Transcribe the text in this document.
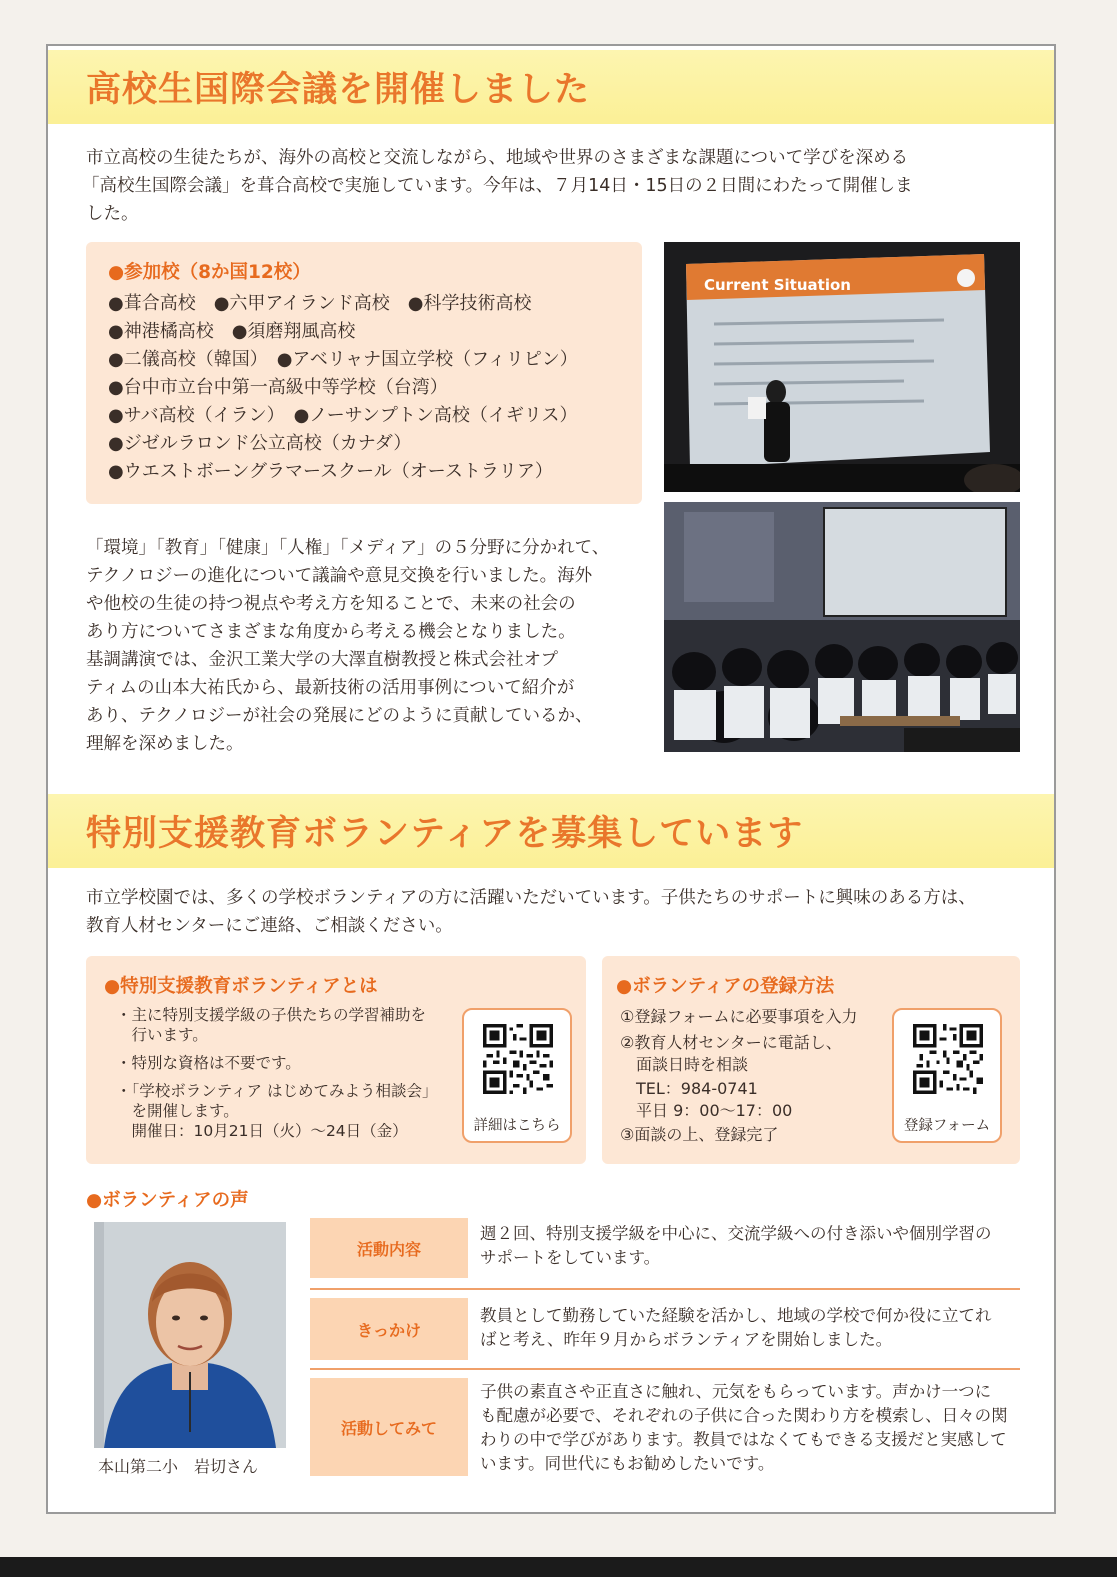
高校生国際会議を開催しました
市立高校の生徒たちが、海外の高校と交流しながら、地域や世界のさまざまな課題について学びを深める
「高校生国際会議」を葺合高校で実施しています。今年は、７月14日・15日の２日間にわたって開催しま
した。
●参加校（8か国12校）
●葺合高校　●六甲アイランド高校　●科学技術高校
●神港橘高校　●須磨翔風高校
●二儀高校（韓国）　●アベリャナ国立学校（フィリピン）
●台中市立台中第一高級中等学校（台湾）
●サバ高校（イラン）　●ノーサンプトン高校（イギリス）
●ジゼルラロンド公立高校（カナダ）
●ウエストボーングラマースクール（オーストラリア）
Current Situation
「環境」「教育」「健康」「人権」「メディア」の５分野に分かれて、
テクノロジーの進化について議論や意見交換を行いました。海外
や他校の生徒の持つ視点や考え方を知ることで、未来の社会の
あり方についてさまざまな角度から考える機会となりました。
基調講演では、金沢工業大学の大澤直樹教授と株式会社オプ
ティムの山本大祐氏から、最新技術の活用事例について紹介が
あり、テクノロジーが社会の発展にどのように貢献しているか、
理解を深めました。
特別支援教育ボランティアを募集しています
市立学校園では、多くの学校ボランティアの方に活躍いただいています。子供たちのサポートに興味のある方は、
教育人材センターにご連絡、ご相談ください。
●特別支援教育ボランティアとは
・主に特別支援学級の子供たちの学習補助を
　行います。
・特別な資格は不要です。
・「学校ボランティア はじめてみよう相談会」
　を開催します。
　開催日：10月21日（火）～24日（金）	詳細はこちら
●ボランティアの登録方法
①登録フォームに必要事項を入力
②教育人材センターに電話し、
　面談日時を相談
　TEL：984-0741
　平日 9：00～17：00
③面談の上、登録完了	登録フォーム
●ボランティアの声
本山第二小　岩切さん
活動内容
週２回、特別支援学級を中心に、交流学級への付き添いや個別学習の
サポートをしています。
きっかけ
教員として勤務していた経験を活かし、地域の学校で何か役に立てれ
ばと考え、昨年９月からボランティアを開始しました。
活動してみて
子供の素直さや正直さに触れ、元気をもらっています。声かけ一つに
も配慮が必要で、それぞれの子供に合った関わり方を模索し、日々の関
わりの中で学びがあります。教員ではなくてもできる支援だと実感して
います。同世代にもお勧めしたいです。
